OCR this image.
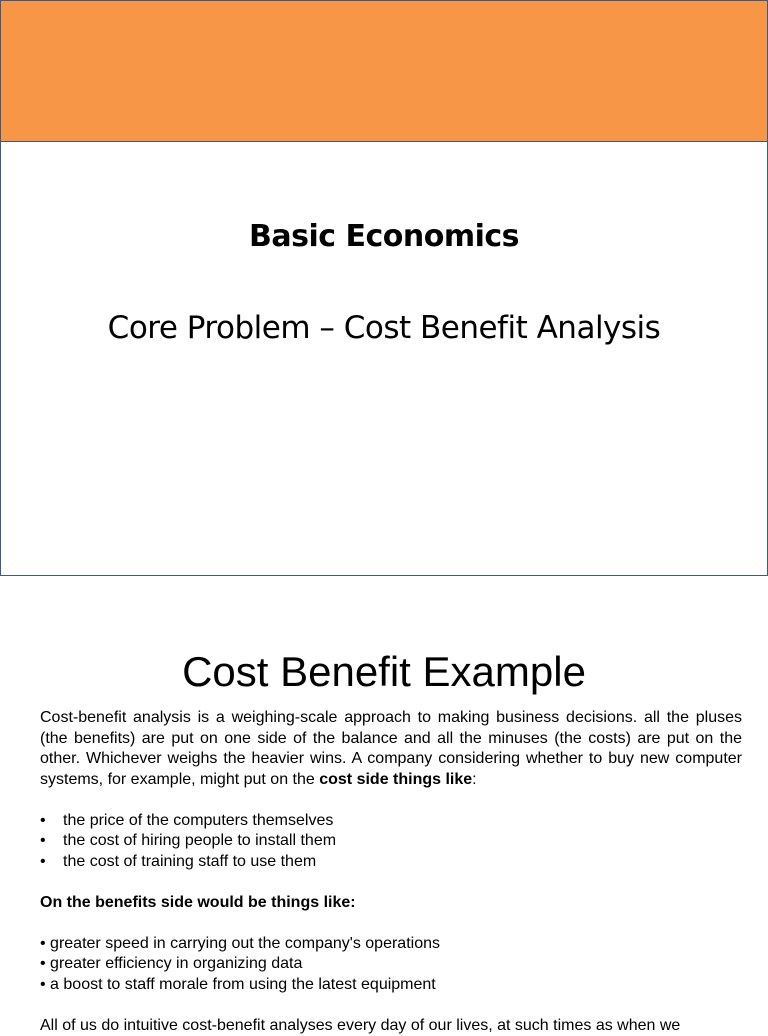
Basic Economics
Core Problem – Cost Benefit Analysis
Cost Benefit Example

Cost-benefit analysis is a weighing-scale approach to making business decisions. all the pluses (the benefits) are put on one side of the balance and all the minuses (the costs) are put on the other. Whichever weighs the heavier wins. A company considering whether to buy new computer systems, for example, might put on the cost side things like:

• the price of the computers themselves
• the cost of hiring people to install them
• the cost of training staff to use them

On the benefits side would be things like:

• greater speed in carrying out the company's operations
• greater efficiency in organizing data
• a boost to staff morale from using the latest equipment

All of us do intuitive cost-benefit analyses every day of our lives, at such times as when we
